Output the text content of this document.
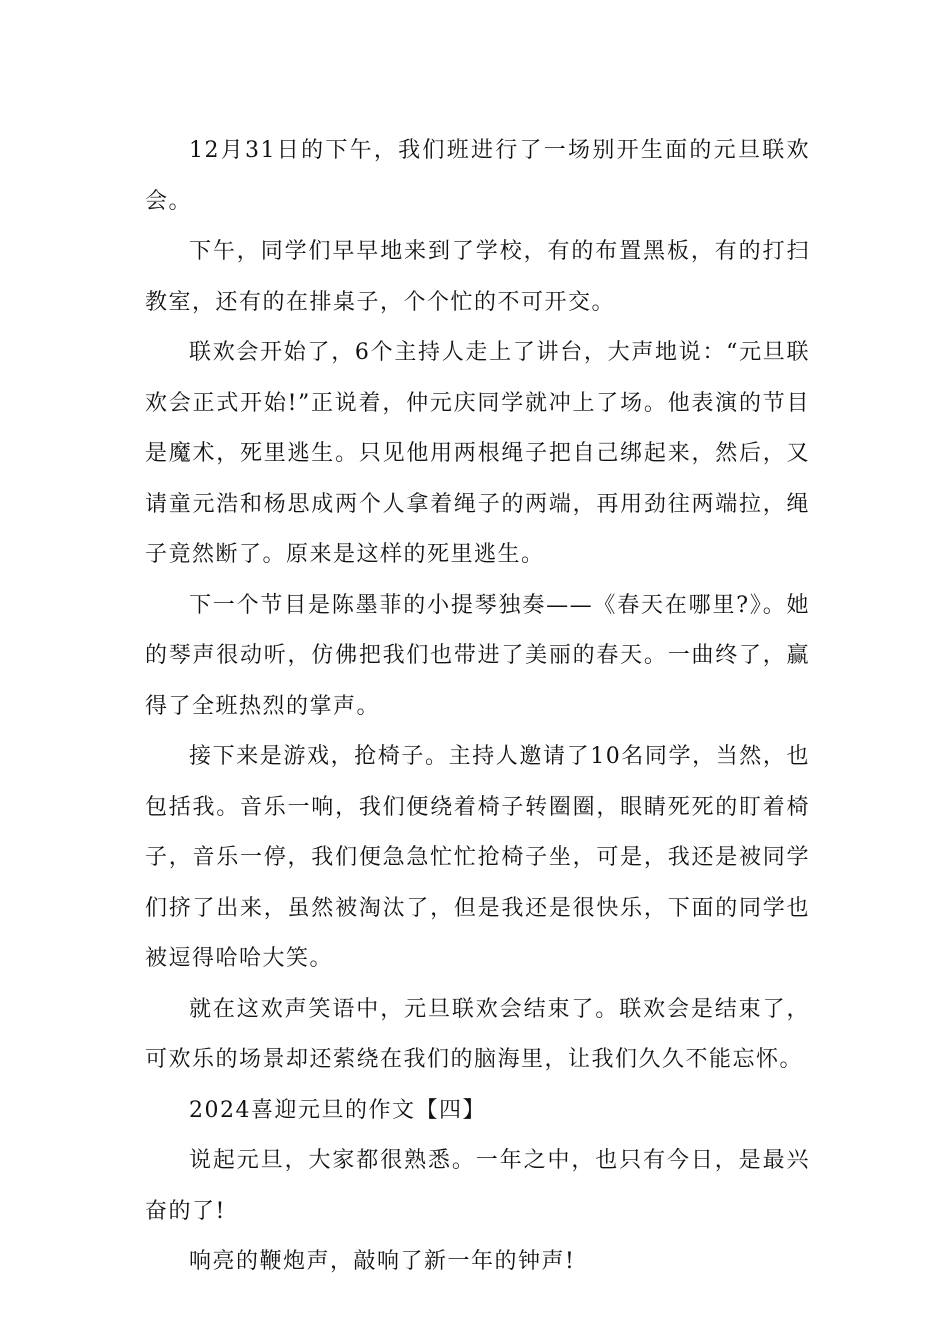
12月31日的下午，我们班进行了一场别开生面的元旦联欢会。

下午，同学们早早地来到了学校，有的布置黑板，有的打扫教室，还有的在排桌子，个个忙的不可开交。

联欢会开始了，6个主持人走上了讲台，大声地说：“元旦联欢会正式开始!”正说着，仲元庆同学就冲上了场。他表演的节目是魔术，死里逃生。只见他用两根绳子把自己绑起来，然后，又请童元浩和杨思成两个人拿着绳子的两端，再用劲往两端拉，绳子竟然断了。原来是这样的死里逃生。

下一个节目是陈墨菲的小提琴独奏——《春天在哪里?》。她的琴声很动听，仿佛把我们也带进了美丽的春天。一曲终了，赢得了全班热烈的掌声。

接下来是游戏，抢椅子。主持人邀请了10名同学，当然，也包括我。音乐一响，我们便绕着椅子转圈圈，眼睛死死的盯着椅子，音乐一停，我们便急急忙忙抢椅子坐，可是，我还是被同学们挤了出来，虽然被淘汰了，但是我还是很快乐，下面的同学也被逗得哈哈大笑。

就在这欢声笑语中，元旦联欢会结束了。联欢会是结束了，可欢乐的场景却还萦绕在我们的脑海里，让我们久久不能忘怀。

2024喜迎元旦的作文【四】

说起元旦，大家都很熟悉。一年之中，也只有今日，是最兴奋的了!

响亮的鞭炮声，敲响了新一年的钟声!
